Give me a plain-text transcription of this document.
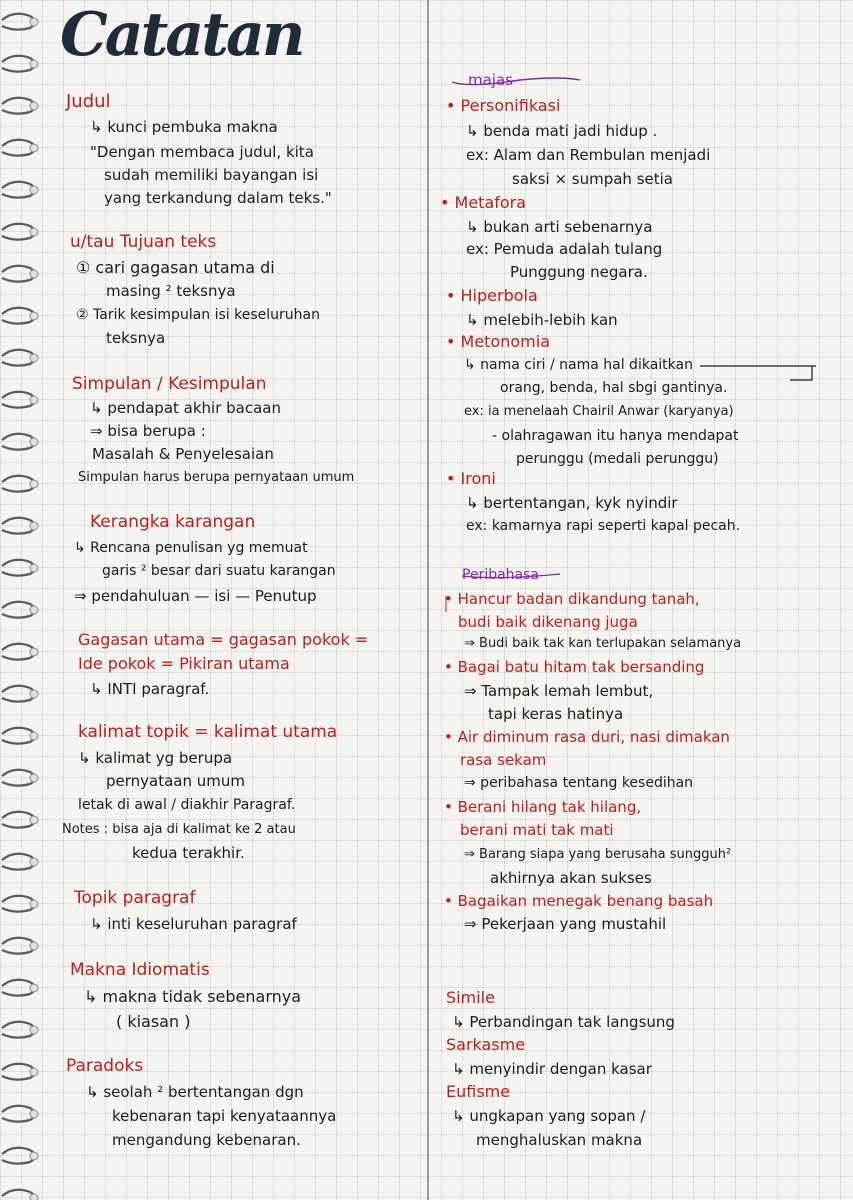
Catatan
Judul
↳ kunci pembuka makna
"Dengan membaca judul, kita
sudah memiliki bayangan isi
yang terkandung dalam teks."
u/tau Tujuan teks
① cari gagasan utama di
masing ² teksnya
② Tarik kesimpulan isi keseluruhan
teksnya
Simpulan / Kesimpulan
↳ pendapat akhir bacaan
⇒ bisa berupa :
Masalah & Penyelesaian
Simpulan harus berupa pernyataan umum
Kerangka karangan
↳ Rencana penulisan yg memuat
garis ² besar dari suatu karangan
⇒ pendahuluan — isi — Penutup
Gagasan utama = gagasan pokok =
Ide pokok = Pikiran utama
↳ INTI paragraf.
kalimat topik = kalimat utama
↳ kalimat yg berupa
pernyataan umum
letak di awal / diakhir Paragraf.
Notes : bisa aja di kalimat ke 2 atau
kedua terakhir.
Topik paragraf
↳ inti keseluruhan paragraf
Makna Idiomatis
↳ makna tidak sebenarnya
( kiasan )
Paradoks
↳ seolah ² bertentangan dgn
kebenaran tapi kenyataannya
mengandung kebenaran.
majas
• Personifikasi
↳ benda mati jadi hidup .
ex: Alam dan Rembulan menjadi
saksi × sumpah setia
• Metafora
↳ bukan arti sebenarnya
ex: Pemuda adalah tulang
Punggung negara.
• Hiperbola
↳ melebih-lebih kan
• Metonomia
↳ nama ciri / nama hal dikaitkan
orang, benda, hal sbgi gantinya.
ex: ia menelaah Chairil Anwar (karyanya)
- olahragawan itu hanya mendapat
perunggu (medali perunggu)
• Ironi
↳ bertentangan, kyk nyindir
ex: kamarnya rapi seperti kapal pecah.
Peribahasa
• Hancur badan dikandung tanah,
budi baik dikenang juga
⇒ Budi baik tak kan terlupakan selamanya
• Bagai batu hitam tak bersanding
⇒ Tampak lemah lembut,
tapi keras hatinya
• Air diminum rasa duri, nasi dimakan
rasa sekam
⇒ peribahasa tentang kesedihan
• Berani hilang tak hilang,
berani mati tak mati
⇒ Barang siapa yang berusaha sungguh²
akhirnya akan sukses
• Bagaikan menegak benang basah
⇒ Pekerjaan yang mustahil
Simile
↳ Perbandingan tak langsung
Sarkasme
↳ menyindir dengan kasar
Eufisme
↳ ungkapan yang sopan /
menghaluskan makna
